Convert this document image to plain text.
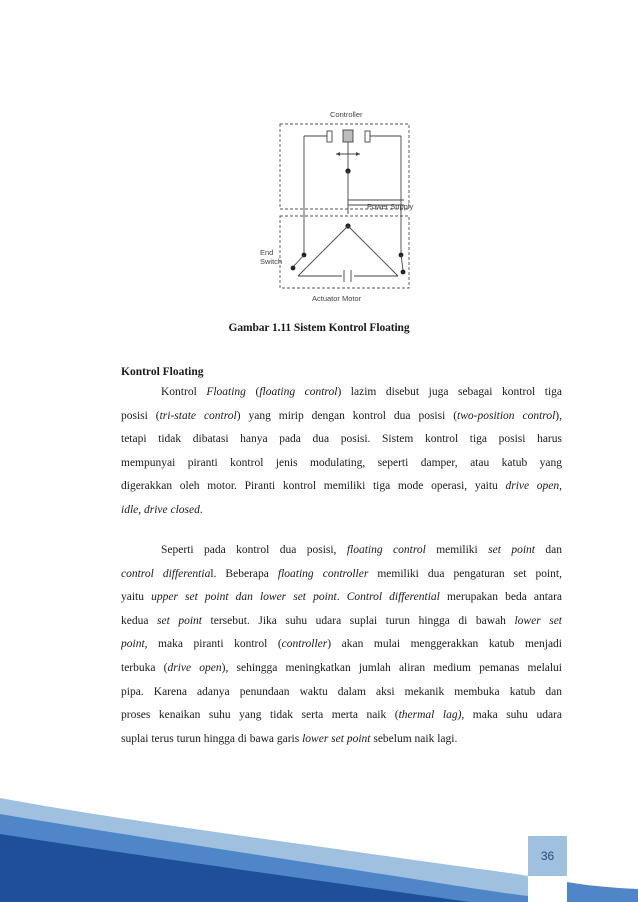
Controller
Power Supply
Actuator Motor
End
Switch
Gambar 1.11 Sistem Kontrol Floating
Kontrol Floating
Kontrol Floating (floating control) lazim disebut juga sebagai kontrol tiga
posisi (tri-state control) yang mirip dengan kontrol dua posisi (two-position control),
tetapi tidak dibatasi hanya pada dua posisi. Sistem kontrol tiga posisi harus
mempunyai piranti kontrol jenis modulating, seperti damper, atau katub yang
digerakkan oleh motor. Piranti kontrol memiliki tiga mode operasi, yaitu drive open,
idle, drive closed.
Seperti pada kontrol dua posisi, floating control memiliki set point dan
control differential. Beberapa floating controller memiliki dua pengaturan set point,
yaitu upper set point dan lower set point. Control differential merupakan beda antara
kedua set point tersebut. Jika suhu udara suplai turun hingga di bawah lower set
point, maka piranti kontrol (controller) akan mulai menggerakkan katub menjadi
terbuka (drive open), sehingga meningkatkan jumlah aliran medium pemanas melalui
pipa. Karena adanya penundaan waktu dalam aksi mekanik membuka katub dan
proses kenaikan suhu yang tidak serta merta naik (thermal lag), maka suhu udara
suplai terus turun hingga di bawa garis lower set point sebelum naik lagi.
36
